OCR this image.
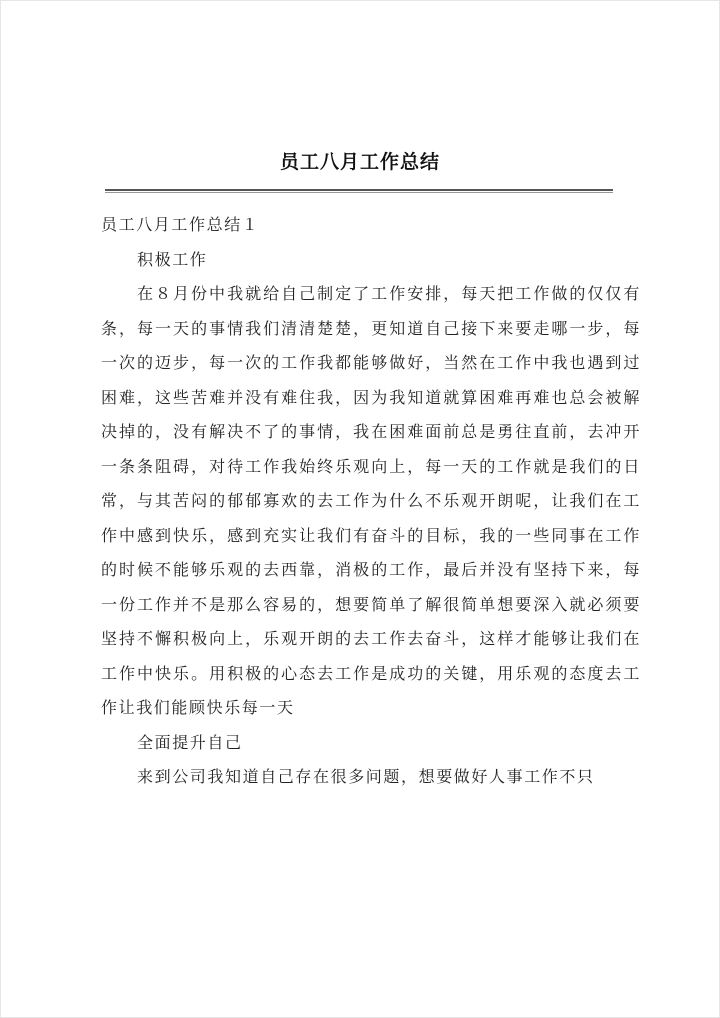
员工八月工作总结

员工八月工作总结１

积极工作

在８月份中我就给自己制定了工作安排，每天把工作做的仅仅有条，每一天的事情我们清清楚楚，更知道自己接下来要走哪一步，每一次的迈步，每一次的工作我都能够做好，当然在工作中我也遇到过困难，这些苦难并没有难住我，因为我知道就算困难再难也总会被解决掉的，没有解决不了的事情，我在困难面前总是勇往直前，去冲开一条条阻碍，对待工作我始终乐观向上，每一天的工作就是我们的日常，与其苦闷的郁郁寡欢的去工作为什么不乐观开朗呢，让我们在工作中感到快乐，感到充实让我们有奋斗的目标，我的一些同事在工作的时候不能够乐观的去西靠，消极的工作，最后并没有坚持下来，每一份工作并不是那么容易的，想要简单了解很简单想要深入就必须要坚持不懈积极向上，乐观开朗的去工作去奋斗，这样才能够让我们在工作中快乐。用积极的心态去工作是成功的关键，用乐观的态度去工作让我们能顾快乐每一天

全面提升自己

来到公司我知道自己存在很多问题，想要做好人事工作不只
